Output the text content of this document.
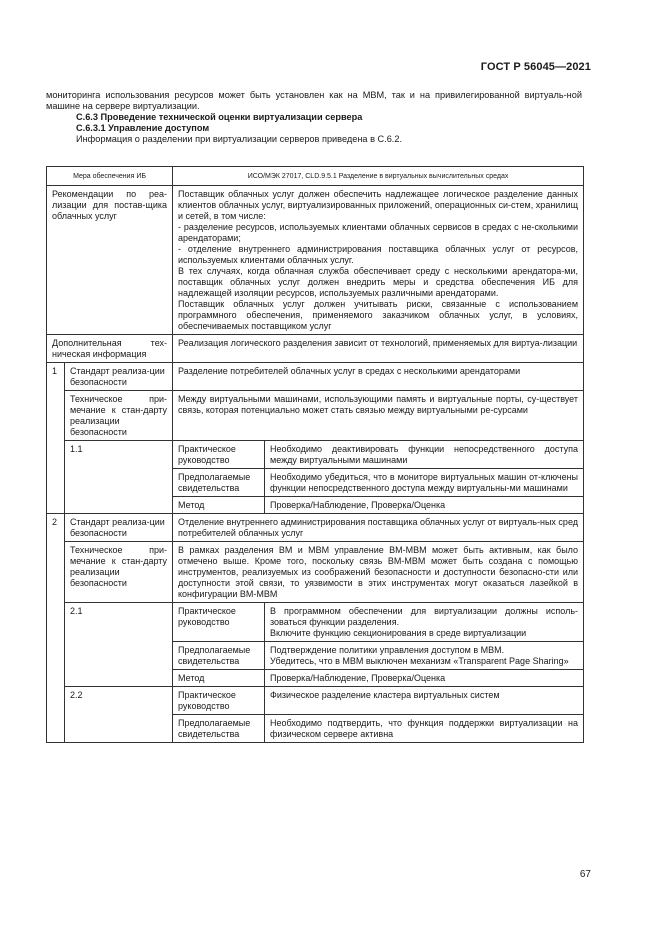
ГОСТ Р 56045—2021

мониторинга использования ресурсов может быть установлен как на МВМ, так и на привилегированной виртуаль-ной машине на сервере виртуализации.

С.6.3 Проведение технической оценки виртуализации сервера

С.6.3.1 Управление доступом

Информация о разделении при виртуализации серверов приведена в С.6.2.

Мера обеспечения ИБ		ИСО/МЭК 27017, CLD.9.5.1 Разделение в виртуальных вычислительных средах	
Рекомендации по реа-лизации для постав-щика облачных услуг		Поставщик облачных услуг должен обеспечить надлежащее логическое разделение данных клиентов облачных услуг, виртуализированных приложений, операционных си-стем, хранилищ и сетей, в том числе:
- разделение ресурсов, используемых клиентами облачных сервисов в средах с не-сколькими арендаторами;
- отделение внутреннего администрирования поставщика облачных услуг от ресурсов, используемых клиентами облачных услуг.
В тех случаях, когда облачная служба обеспечивает среду с несколькими арендатора-ми, поставщик облачных услуг должен внедрить меры и средства обеспечения ИБ для надлежащей изоляции ресурсов, используемых различными арендаторами.
Поставщик облачных услуг должен учитывать риски, связанные с использованием программного обеспечения, применяемого заказчиком облачных услуг, в условиях, обеспечиваемых поставщиком услуг	

Дополнительная тех-ническая информация		Реализация логического разделения зависит от технологий, применяемых для виртуа-лизации	
1	Стандарт реализа-ции безопасности	Разделение потребителей облачных услуг в средах с несколькими арендаторами	
	Техническое при-мечание к стан-дарту реализации безопасности	Между виртуальными машинами, использующими память и виртуальные порты, су-ществует связь, которая потенциально может стать связью между виртуальными ре-сурсами	
	1.1	Практическое руководство	Необходимо деактивировать функции непосредственного доступа между виртуальными машинами
		Предполагаемые свидетельства	Необходимо убедиться, что в мониторе виртуальных машин от-ключены функции непосредственного доступа между виртуальны-ми машинами
		Метод	Проверка/Наблюдение, Проверка/Оценка
2	Стандарт реализа-ции безопасности	Отделение внутреннего администрирования поставщика облачных услуг от виртуаль-ных сред потребителей облачных услуг	
	Техническое при-мечание к стан-дарту реализации безопасности	В рамках разделения ВМ и МВМ управление ВМ-МВМ может быть активным, как было отмечено выше. Кроме того, поскольку связь ВМ-МВМ может быть создана с помощью инструментов, реализуемых из соображений безопасности и доступности безопасно-сти или доступности этой связи, то уязвимости в этих инструментах могут оказаться лазейкой в конфигурации ВМ-МВМ	
	2.1	Практическое руководство	В программном обеспечении для виртуализации должны исполь-зоваться функции разделения.
Включите функцию секционирования в среде виртуализации

		Предполагаемые свидетельства	Подтверждение политики управления доступом в МВМ.
Убедитесь, что в МВМ выключен механизм «Transparent Page Sharing»

		Метод	Проверка/Наблюдение, Проверка/Оценка
	2.2	Практическое руководство	Физическое разделение кластера виртуальных систем
		Предполагаемые свидетельства	Необходимо подтвердить, что функция поддержки виртуализации на физическом сервере активна
67
